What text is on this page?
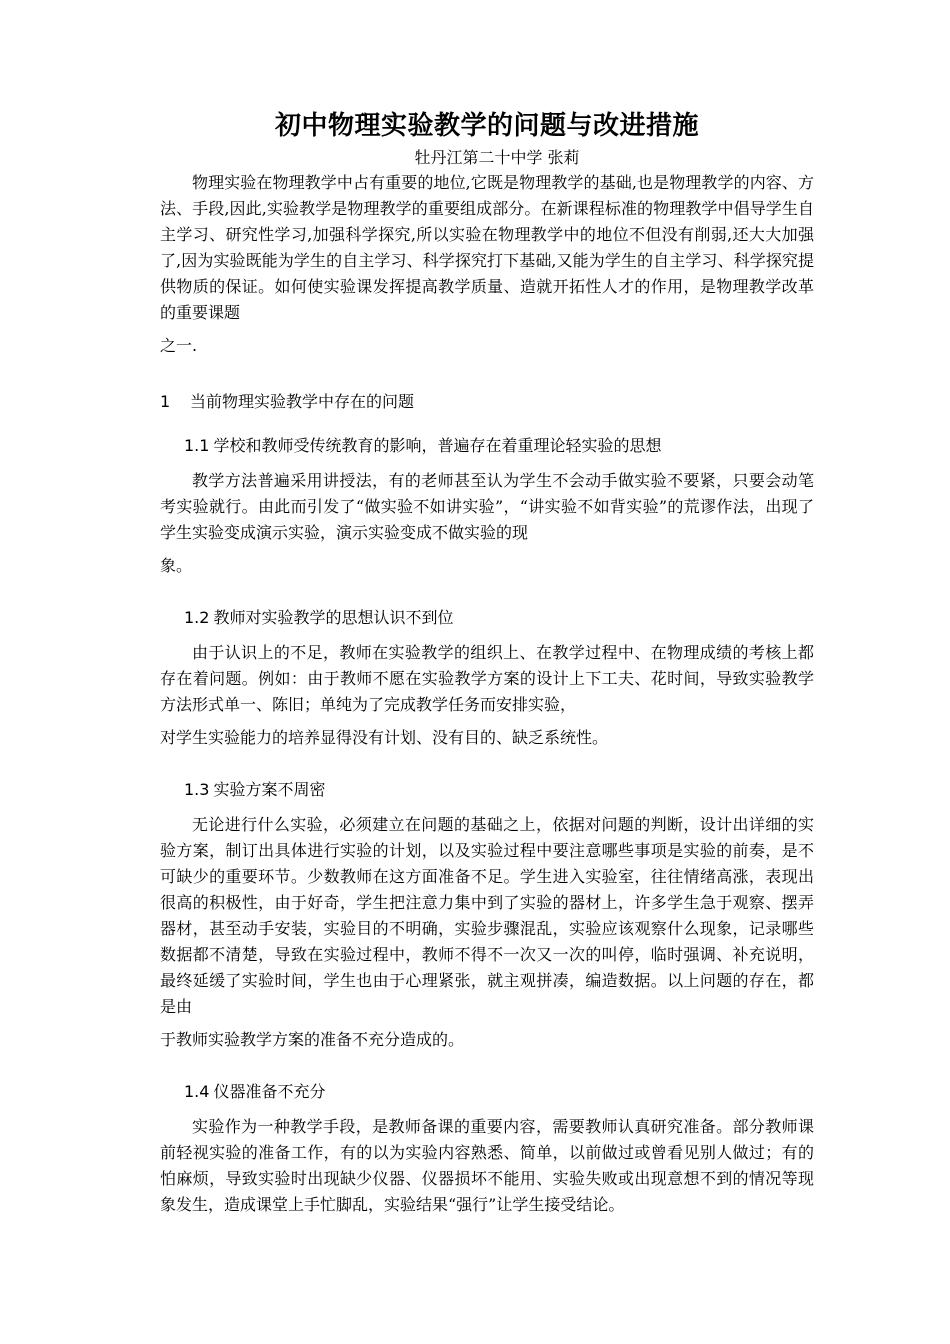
初中物理实验教学的问题与改进措施

牡丹江第二十中学 张莉

物理实验在物理教学中占有重要的地位,它既是物理教学的基础,也是物理教学的内容、方法、手段,因此,实验教学是物理教学的重要组成部分。在新课程标准的物理教学中倡导学生自主学习、研究性学习,加强科学探究,所以实验在物理教学中的地位不但没有削弱,还大大加强了,因为实验既能为学生的自主学习、科学探究打下基础,又能为学生的自主学习、科学探究提供物质的保证。如何使实验课发挥提高教学质量、造就开拓性人才的作用，是物理教学改革的重要课题
之一.

1 当前物理实验教学中存在的问题
1.1 学校和教师受传统教育的影响，普遍存在着重理论轻实验的思想

教学方法普遍采用讲授法，有的老师甚至认为学生不会动手做实验不要紧，只要会动笔考实验就行。由此而引发了“做实验不如讲实验”，“讲实验不如背实验”的荒谬作法，出现了学生实验变成演示实验，演示实验变成不做实验的现
象。

1.2 教师对实验教学的思想认识不到位

由于认识上的不足，教师在实验教学的组织上、在教学过程中、在物理成绩的考核上都存在着问题。例如：由于教师不愿在实验教学方案的设计上下工夫、花时间，导致实验教学方法形式单一、陈旧；单纯为了完成教学任务而安排实验，
对学生实验能力的培养显得没有计划、没有目的、缺乏系统性。

1.3 实验方案不周密

无论进行什么实验，必须建立在问题的基础之上，依据对问题的判断，设计出详细的实验方案，制订出具体进行实验的计划，以及实验过程中要注意哪些事项是实验的前奏，是不可缺少的重要环节。少数教师在这方面准备不足。学生进入实验室，往往情绪高涨，表现出很高的积极性，由于好奇，学生把注意力集中到了实验的器材上，许多学生急于观察、摆弄器材，甚至动手安装，实验目的不明确，实验步骤混乱，实验应该观察什么现象，记录哪些数据都不清楚，导致在实验过程中，教师不得不一次又一次的叫停，临时强调、补充说明，最终延缓了实验时间，学生也由于心理紧张，就主观拼凑，编造数据。以上问题的存在，都是由
于教师实验教学方案的准备不充分造成的。

1.4 仪器准备不充分

实验作为一种教学手段，是教师备课的重要内容，需要教师认真研究准备。部分教师课前轻视实验的准备工作，有的以为实验内容熟悉、简单，以前做过或曾看见别人做过；有的怕麻烦，导致实验时出现缺少仪器、仪器损坏不能用、实验失败或出现意想不到的情况等现象发生，造成课堂上手忙脚乱，实验结果“强行”让学生接受结论。
